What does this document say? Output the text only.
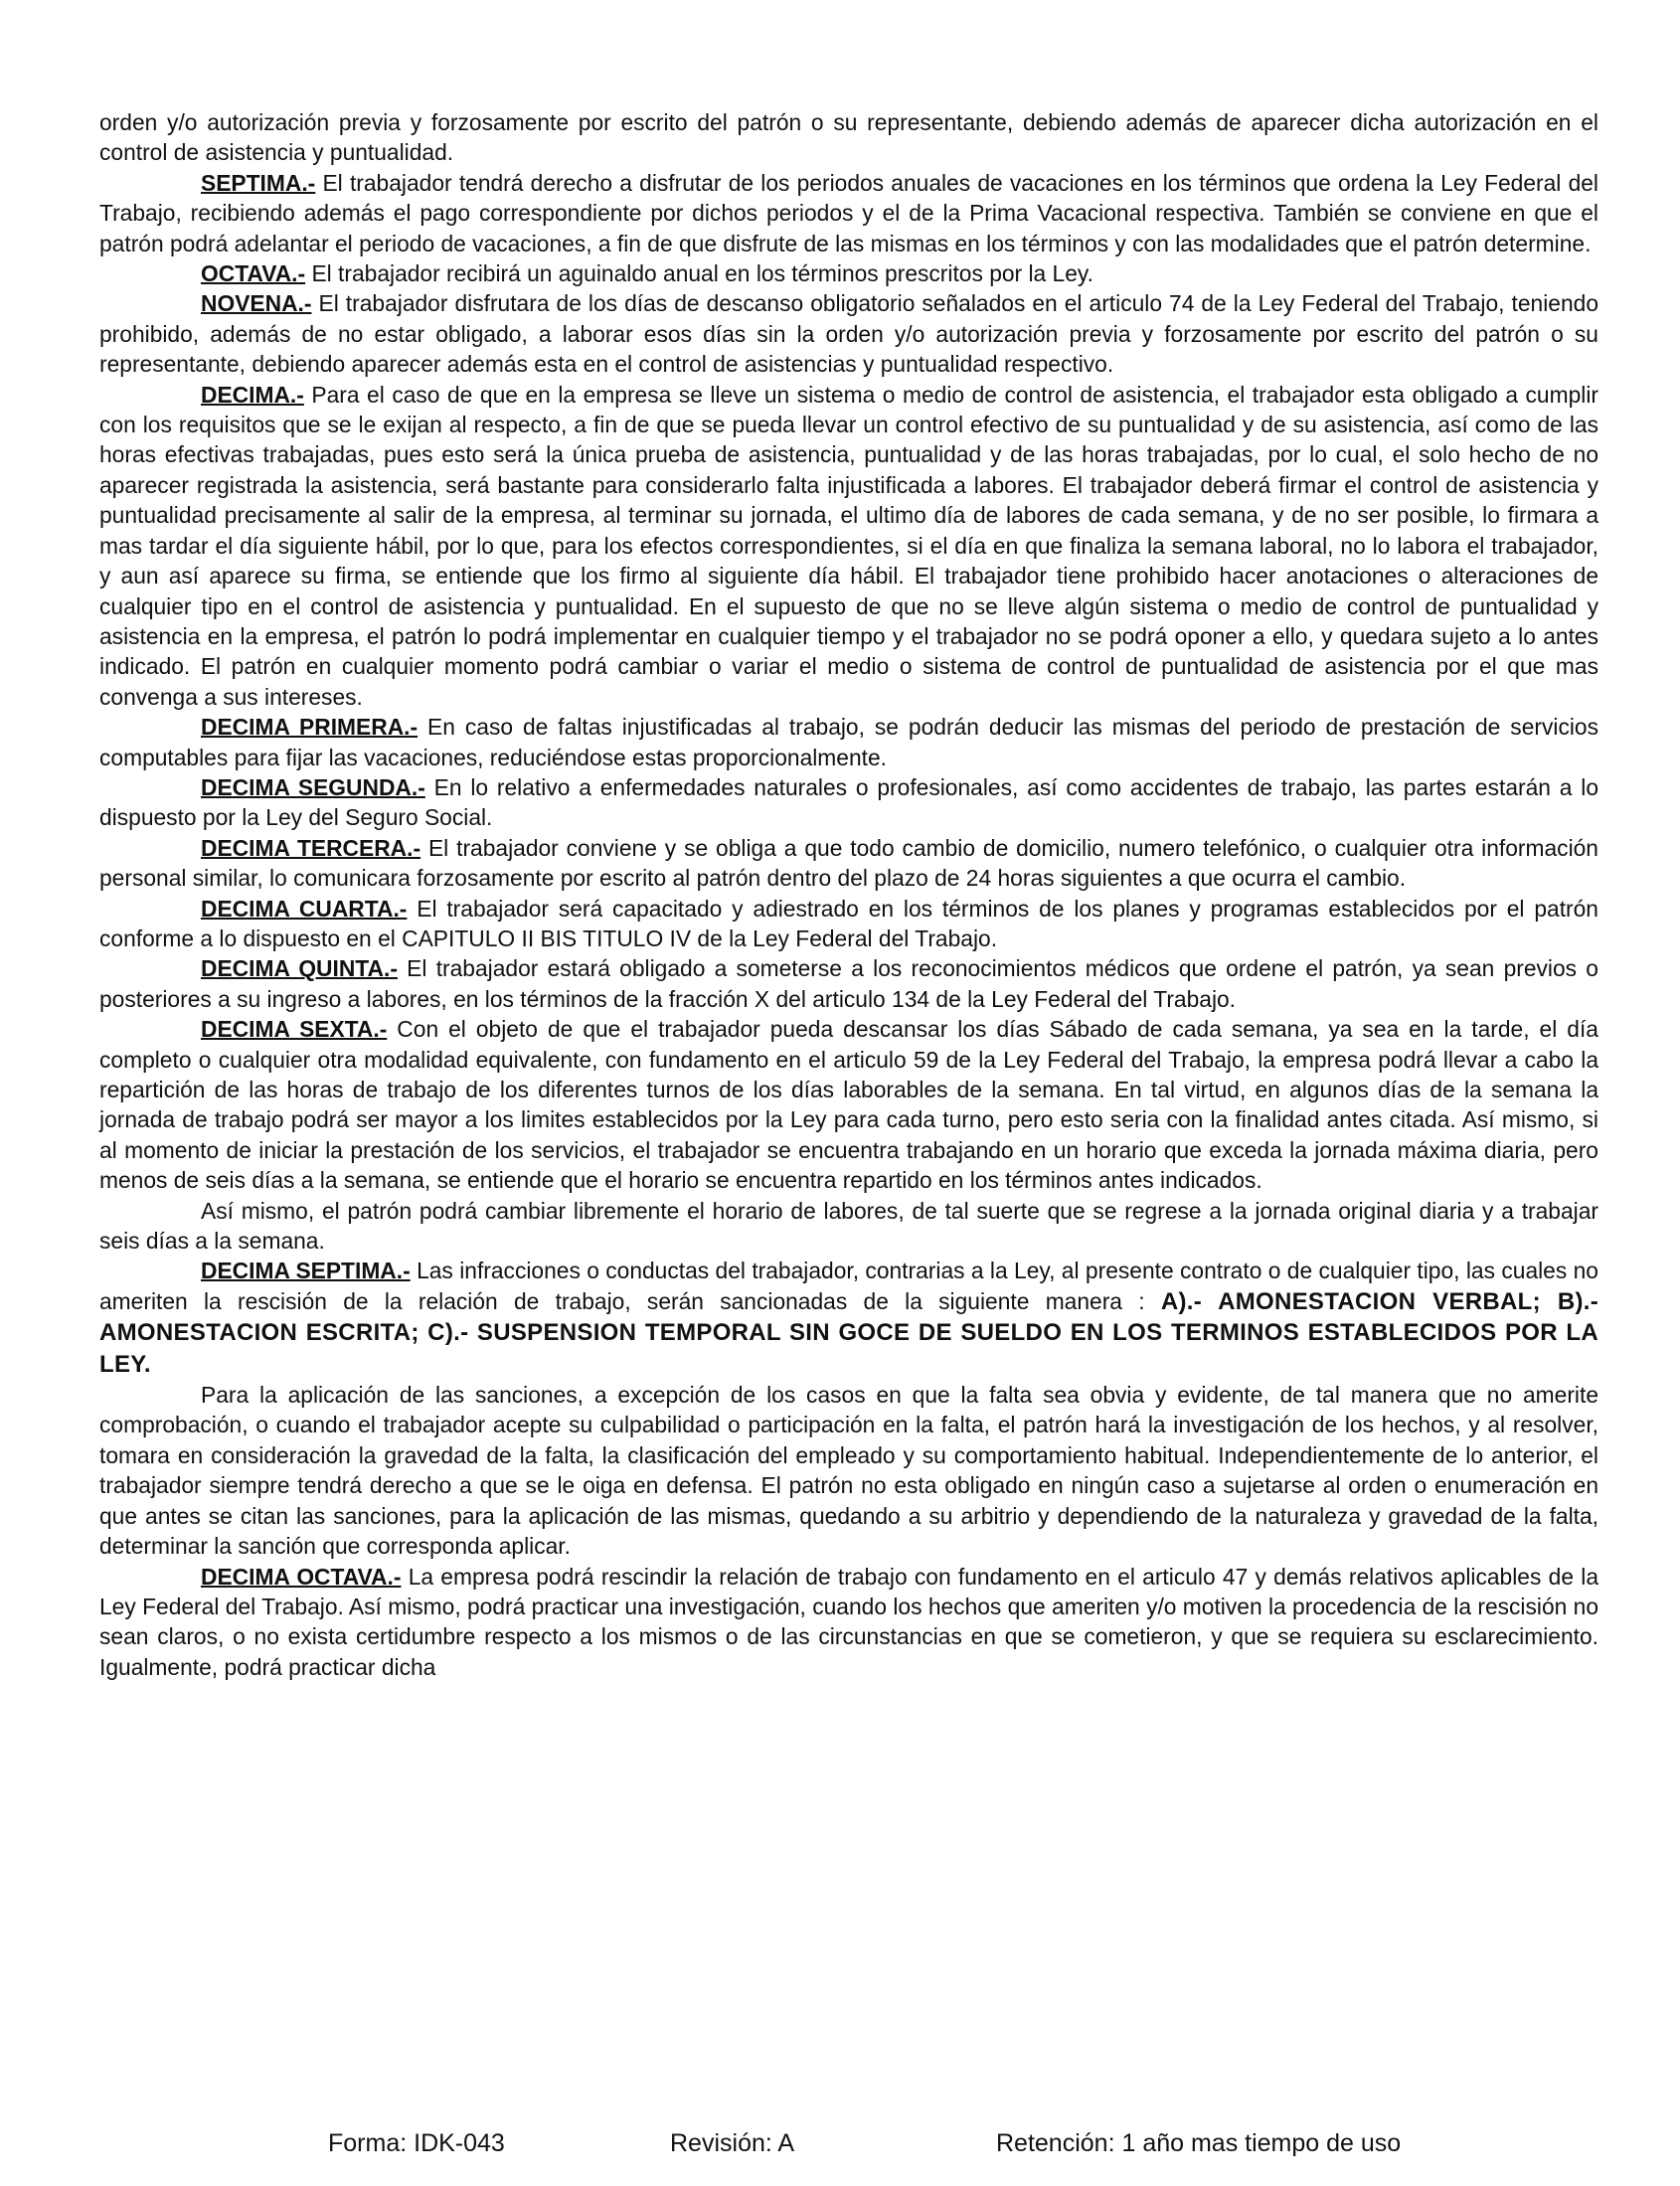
orden y/o autorización previa y forzosamente por escrito del patrón o su representante, debiendo además de aparecer dicha autorización en el control de asistencia y puntualidad.

SEPTIMA.- El trabajador tendrá derecho a disfrutar de los periodos anuales de vacaciones en los términos que ordena la Ley Federal del Trabajo, recibiendo además el pago correspondiente por dichos periodos y el de la Prima Vacacional respectiva. También se conviene en que el patrón podrá adelantar el periodo de vacaciones, a fin de que disfrute de las mismas en los términos y con las modalidades que el patrón determine.

OCTAVA.- El trabajador recibirá un aguinaldo anual en los términos prescritos por la Ley.

NOVENA.- El trabajador disfrutara de los días de descanso obligatorio señalados en el articulo 74 de la Ley Federal del Trabajo, teniendo prohibido, además de no estar obligado, a laborar esos días sin la orden y/o autorización previa y forzosamente por escrito del patrón o su representante, debiendo aparecer además esta en el control de asistencias y puntualidad respectivo.

DECIMA.- Para el caso de que en la empresa se lleve un sistema o medio de control de asistencia, el trabajador esta obligado a cumplir con los requisitos que se le exijan al respecto, a fin de que se pueda llevar un control efectivo de su puntualidad y de su asistencia, así como de las horas efectivas trabajadas, pues esto será la única prueba de asistencia, puntualidad y de las horas trabajadas, por lo cual, el solo hecho de no aparecer registrada la asistencia, será bastante para considerarlo falta injustificada a labores. El trabajador deberá firmar el control de asistencia y puntualidad precisamente al salir de la empresa, al terminar su jornada, el ultimo día de labores de cada semana, y de no ser posible, lo firmara a mas tardar el día siguiente hábil, por lo que, para los efectos correspondientes, si el día en que finaliza la semana laboral, no lo labora el trabajador, y aun así aparece su firma, se entiende que los firmo al siguiente día hábil. El trabajador tiene prohibido hacer anotaciones o alteraciones de cualquier tipo en el control de asistencia y puntualidad. En el supuesto de que no se lleve algún sistema o medio de control de puntualidad y asistencia en la empresa, el patrón lo podrá implementar en cualquier tiempo y el trabajador no se podrá oponer a ello, y quedara sujeto a lo antes indicado. El patrón en cualquier momento podrá cambiar o variar el medio o sistema de control de puntualidad de asistencia por el que mas convenga a sus intereses.

DECIMA PRIMERA.- En caso de faltas injustificadas al trabajo, se podrán deducir las mismas del periodo de prestación de servicios computables para fijar las vacaciones, reduciéndose estas proporcionalmente.

DECIMA SEGUNDA.- En lo relativo a enfermedades naturales o profesionales, así como accidentes de trabajo, las partes estarán a lo dispuesto por la Ley del Seguro Social.

DECIMA TERCERA.- El trabajador conviene y se obliga a que todo cambio de domicilio, numero telefónico, o cualquier otra información personal similar, lo comunicara forzosamente por escrito al patrón dentro del plazo de 24 horas siguientes a que ocurra el cambio.

DECIMA CUARTA.- El trabajador será capacitado y adiestrado en los términos de los planes y programas establecidos por el patrón conforme a lo dispuesto en el CAPITULO II BIS TITULO IV de la Ley Federal del Trabajo.

DECIMA QUINTA.- El trabajador estará obligado a someterse a los reconocimientos médicos que ordene el patrón, ya sean previos o posteriores a su ingreso a labores, en los términos de la fracción X del articulo 134 de la Ley Federal del Trabajo.

DECIMA SEXTA.- Con el objeto de que el trabajador pueda descansar los días Sábado de cada semana, ya sea en la tarde, el día completo o cualquier otra modalidad equivalente, con fundamento en el articulo 59 de la Ley Federal del Trabajo, la empresa podrá llevar a cabo la repartición de las horas de trabajo de los diferentes turnos de los días laborables de la semana. En tal virtud, en algunos días de la semana la jornada de trabajo podrá ser mayor a los limites establecidos por la Ley para cada turno, pero esto seria con la finalidad antes citada. Así mismo, si al momento de iniciar la prestación de los servicios, el trabajador se encuentra trabajando en un horario que exceda la jornada máxima diaria, pero menos de seis días a la semana, se entiende que el horario se encuentra repartido en los términos antes indicados.

Así mismo, el patrón podrá cambiar libremente el horario de labores, de tal suerte que se regrese a la jornada original diaria y a trabajar seis días a la semana.

DECIMA SEPTIMA.- Las infracciones o conductas del trabajador, contrarias a la Ley, al presente contrato o de cualquier tipo, las cuales no ameriten la rescisión de la relación de trabajo, serán sancionadas de la siguiente manera : A).- AMONESTACION VERBAL; B).- AMONESTACION ESCRITA; C).- SUSPENSION TEMPORAL SIN GOCE DE SUELDO EN LOS TERMINOS ESTABLECIDOS POR LA LEY.

Para la aplicación de las sanciones, a excepción de los casos en que la falta sea obvia y evidente, de tal manera que no amerite comprobación, o cuando el trabajador acepte su culpabilidad o participación en la falta, el patrón hará la investigación de los hechos, y al resolver, tomara en consideración la gravedad de la falta, la clasificación del empleado y su comportamiento habitual. Independientemente de lo anterior, el trabajador siempre tendrá derecho a que se le oiga en defensa. El patrón no esta obligado en ningún caso a sujetarse al orden o enumeración en que antes se citan las sanciones, para la aplicación de las mismas, quedando a su arbitrio y dependiendo de la naturaleza y gravedad de la falta, determinar la sanción que corresponda aplicar.

DECIMA OCTAVA.- La empresa podrá rescindir la relación de trabajo con fundamento en el articulo 47 y demás relativos aplicables de la Ley Federal del Trabajo. Así mismo, podrá practicar una investigación, cuando los hechos que ameriten y/o motiven la procedencia de la rescisión no sean claros, o no exista certidumbre respecto a los mismos o de las circunstancias en que se cometieron, y que se requiera su esclarecimiento. Igualmente, podrá practicar dicha

Forma: IDK-043	Revisión: A	Retención: 1 año mas tiempo de uso
